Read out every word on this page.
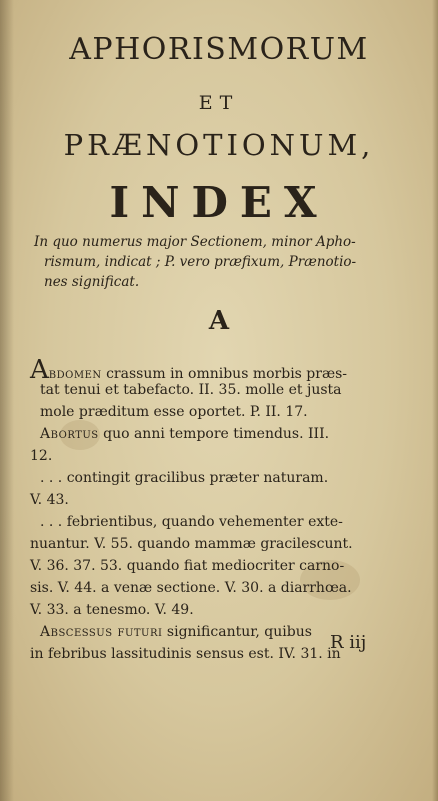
APHORISMORUM
ET
PRÆNOTIONUM,
INDEX
In quo numerus major Sectionem, minor Apho-
rismum, indicat ; P. vero præfixum, Prænotio-
nes significat.
A
Abdomen crassum in omnibus morbis præs-
tat tenui et tabefacto. II. 35. molle et justa
mole præditum esse oportet. P. II. 17.
Abortus quo anni tempore timendus. III.
12.
. . . contingit gracilibus præter naturam.
V. 43.
. . . febrientibus, quando vehementer exte-
nuantur. V. 55. quando mammæ gracilescunt.
V. 36. 37. 53. quando fiat mediocriter carno-
sis. V. 44. a venæ sectione. V. 30. a diarrhœa.
V. 33. a tenesmo. V. 49.
Abscessus futuri significantur, quibus
in febribus lassitudinis sensus est. IV. 31. in
R iij
